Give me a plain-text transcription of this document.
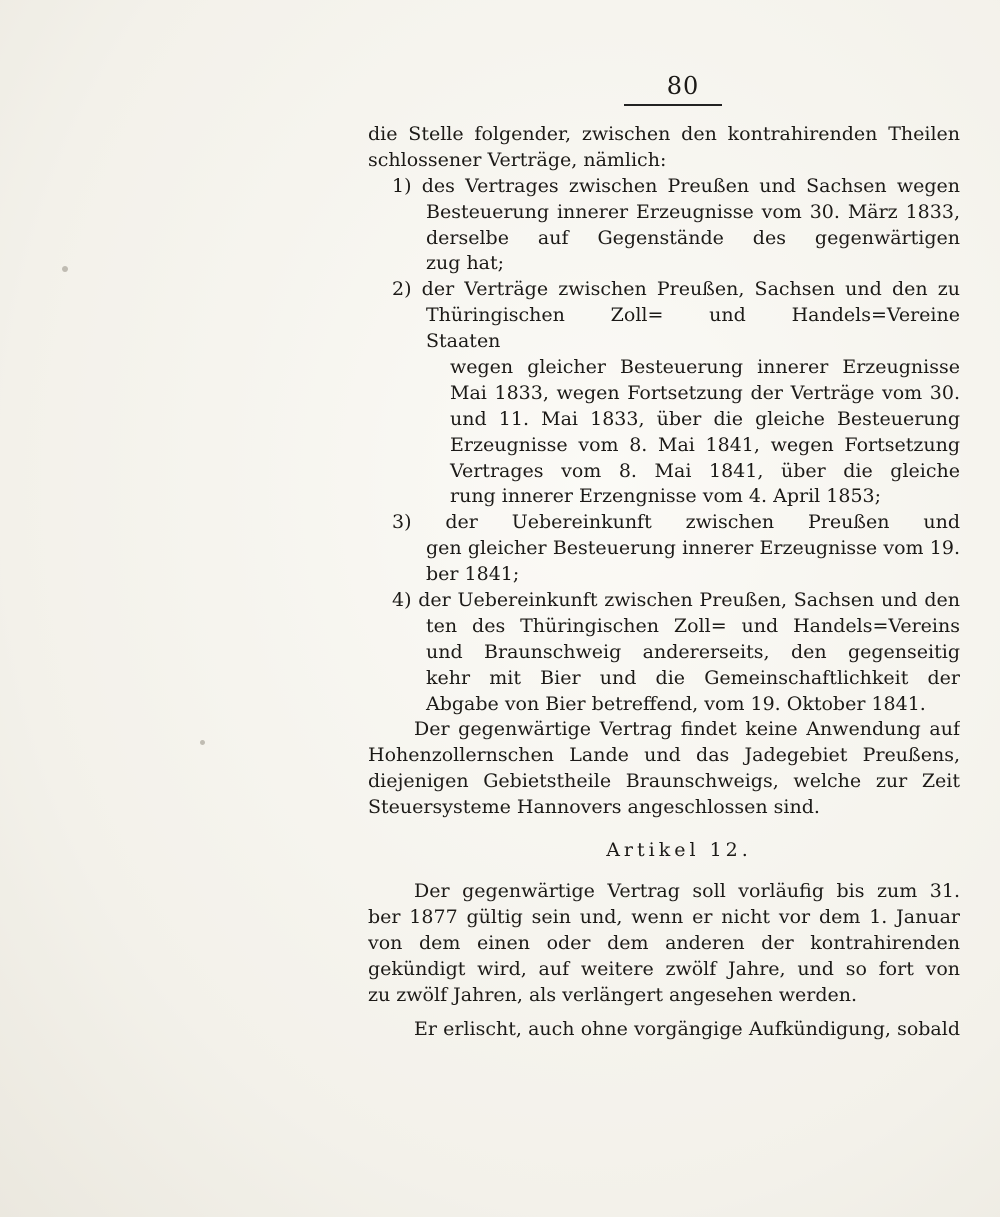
80
die Stelle folgender, zwischen den kontrahirenden Theilen
schlossener Verträge, nämlich:
1) des Vertrages zwischen Preußen und Sachsen wegen
Besteuerung innerer Erzeugnisse vom 30. März 1833,
derselbe auf Gegenstände des gegenwärtigen
zug hat;
2) der Verträge zwischen Preußen, Sachsen und den zu
Thüringischen Zoll= und Handels=Vereine
Staaten
wegen gleicher Besteuerung innerer Erzeugnisse
Mai 1833, wegen Fortsetzung der Verträge vom 30.
und 11. Mai 1833, über die gleiche Besteuerung
Erzeugnisse vom 8. Mai 1841, wegen Fortsetzung
Vertrages vom 8. Mai 1841, über die gleiche
rung innerer Erzengnisse vom 4. April 1853;
3) der Uebereinkunft zwischen Preußen und
gen gleicher Besteuerung innerer Erzeugnisse vom 19.
ber 1841;
4) der Uebereinkunft zwischen Preußen, Sachsen und den
ten des Thüringischen Zoll= und Handels=Vereins
und Braunschweig andererseits, den gegenseitig
kehr mit Bier und die Gemeinschaftlichkeit der
Abgabe von Bier betreffend, vom 19. Oktober 1841.
Der gegenwärtige Vertrag findet keine Anwendung auf
Hohenzollernschen Lande und das Jadegebiet Preußens,
diejenigen Gebietstheile Braunschweigs, welche zur Zeit
Steuersysteme Hannovers angeschlossen sind.
Artikel 12.
Der gegenwärtige Vertrag soll vorläufig bis zum 31.
ber 1877 gültig sein und, wenn er nicht vor dem 1. Januar
von dem einen oder dem anderen der kontrahirenden
gekündigt wird, auf weitere zwölf Jahre, und so fort von
zu zwölf Jahren, als verlängert angesehen werden.
Er erlischt, auch ohne vorgängige Aufkündigung, sobald
